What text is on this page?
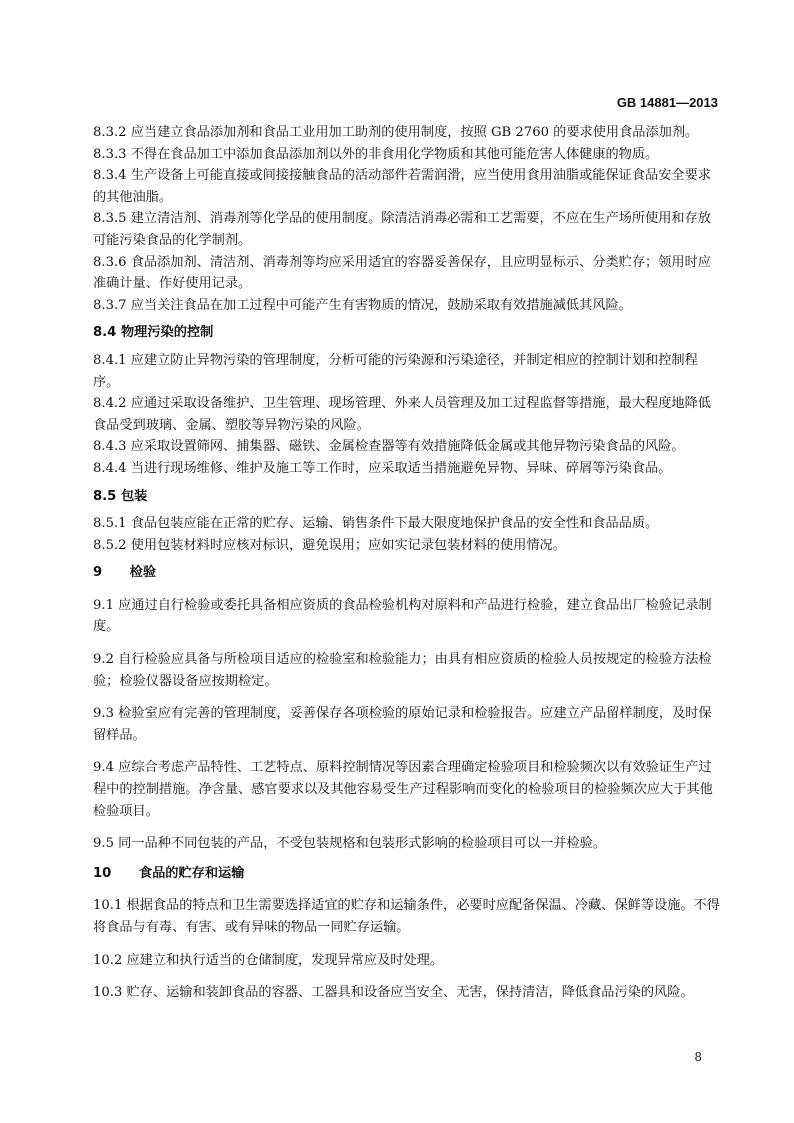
GB 14881—2013

8.3.2 应当建立食品添加剂和食品工业用加工助剂的使用制度，按照 GB 2760 的要求使用食品添加剂。

8.3.3 不得在食品加工中添加食品添加剂以外的非食用化学物质和其他可能危害人体健康的物质。

8.3.4 生产设备上可能直接或间接接触食品的活动部件若需润滑，应当使用食用油脂或能保证食品安全要求的其他油脂。

8.3.5 建立清洁剂、消毒剂等化学品的使用制度。除清洁消毒必需和工艺需要，不应在生产场所使用和存放可能污染食品的化学制剂。

8.3.6 食品添加剂、清洁剂、消毒剂等均应采用适宜的容器妥善保存，且应明显标示、分类贮存；领用时应准确计量、作好使用记录。

8.3.7 应当关注食品在加工过程中可能产生有害物质的情况，鼓励采取有效措施减低其风险。

8.4 物理污染的控制

8.4.1 应建立防止异物污染的管理制度，分析可能的污染源和污染途径，并制定相应的控制计划和控制程序。

8.4.2 应通过采取设备维护、卫生管理、现场管理、外来人员管理及加工过程监督等措施，最大程度地降低食品受到玻璃、金属、塑胶等异物污染的风险。

8.4.3 应采取设置筛网、捕集器、磁铁、金属检查器等有效措施降低金属或其他异物污染食品的风险。

8.4.4 当进行现场维修、维护及施工等工作时，应采取适当措施避免异物、异味、碎屑等污染食品。

8.5 包装

8.5.1 食品包装应能在正常的贮存、运输、销售条件下最大限度地保护食品的安全性和食品品质。

8.5.2 使用包装材料时应核对标识，避免误用；应如实记录包装材料的使用情况。

9      检验

9.1 应通过自行检验或委托具备相应资质的食品检验机构对原料和产品进行检验，建立食品出厂检验记录制度。

9.2 自行检验应具备与所检项目适应的检验室和检验能力；由具有相应资质的检验人员按规定的检验方法检验；检验仪器设备应按期检定。

9.3 检验室应有完善的管理制度，妥善保存各项检验的原始记录和检验报告。应建立产品留样制度，及时保留样品。

9.4 应综合考虑产品特性、工艺特点、原料控制情况等因素合理确定检验项目和检验频次以有效验证生产过程中的控制措施。净含量、感官要求以及其他容易受生产过程影响而变化的检验项目的检验频次应大于其他检验项目。

9.5 同一品种不同包装的产品，不受包装规格和包装形式影响的检验项目可以一并检验。

10      食品的贮存和运输

10.1 根据食品的特点和卫生需要选择适宜的贮存和运输条件，必要时应配备保温、冷藏、保鲜等设施。不得将食品与有毒、有害、或有异味的物品一同贮存运输。

10.2 应建立和执行适当的仓储制度，发现异常应及时处理。

10.3 贮存、运输和装卸食品的容器、工器具和设备应当安全、无害，保持清洁，降低食品污染的风险。

8
